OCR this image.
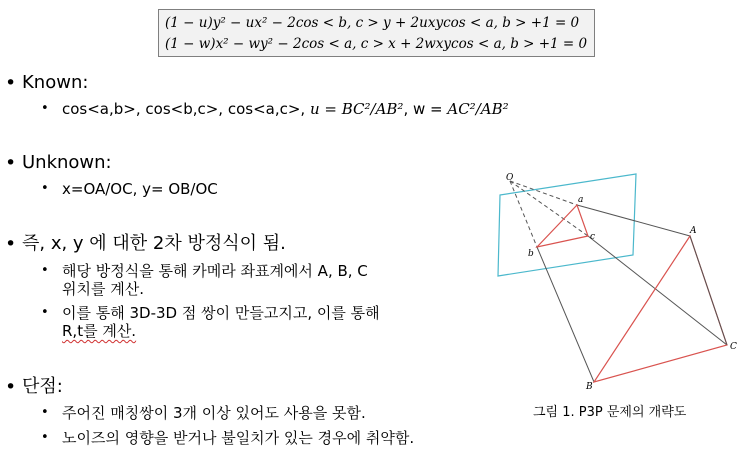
(1 − u)y² − ux² − 2cos < b, c > y + 2uxycos < a, b > +1 = 0
(1 − w)x² − wy² − 2cos < a, c > x + 2wxycos < a, b > +1 = 0
• Known:
• cos<a,b>, cos<b,c>, cos<a,c>, u = BC²/AB², w = AC²/AB²
• Unknown:
• x=OA/OC, y= OB/OC
• 즉, x, y 에 대한 2차 방정식이 됨.
• 해당 방정식을 통해 카메라 좌표계에서 A, B, C
위치를 계산.
• 이를 통해 3D-3D 점 쌍이 만들고지고, 이를 통해
R,t를 계산.
• 단점:
• 주어진 매칭쌍이 3개 이상 있어도 사용을 못함.
• 노이즈의 영향을 받거나 불일치가 있는 경우에 취약함.
O
a
b
c
A
B
C
그림 1. P3P 문제의 개략도
